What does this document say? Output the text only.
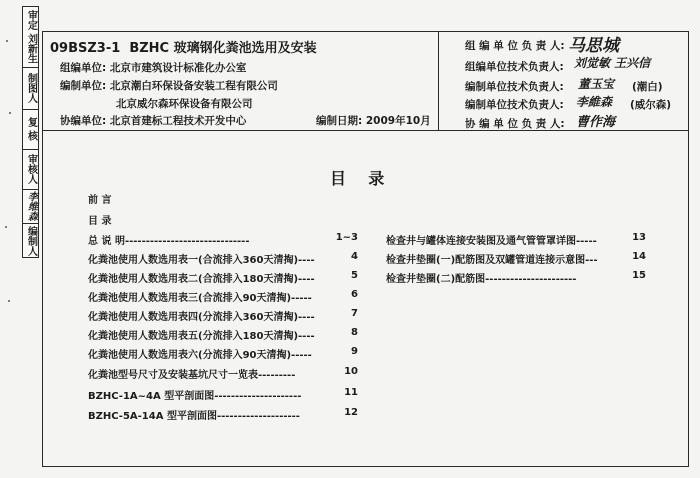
审定 刘新生
制图人
复 核
审核人
李维森
编制人
09BSZ3-1 BZHC 玻璃钢化粪池选用及安装
组编单位: 北京市建筑设计标准化办公室
编制单位: 北京潮白环保设备安装工程有限公司
北京威尔森环保设备有限公司
协编单位: 北京首建标工程技术开发中心	编制日期: 2009年10月
组 编 单 位 负 责 人: 马思城
组编单位技术负责人: 刘觉敏 王兴信
编制单位技术负责人: 董玉宝 (潮白)
编制单位技术负责人: 李維森 (威尔森)
协 编 单 位 负 责 人: 曹作海
目    录
前 言
目 录
总 说 明------------------------------	1~3
化粪池使用人数选用表一(合流排入360天清掏)----	4
化粪池使用人数选用表二(合流排入180天清掏)----	5
化粪池使用人数选用表三(合流排入90天清掏)-----	6
化粪池使用人数选用表四(分流排入360天清掏)----	7
化粪池使用人数选用表五(分流排入180天清掏)----	8
化粪池使用人数选用表六(分流排入90天清掏)-----	9
化粪池型号尺寸及安装基坑尺寸一览表---------	10
BZHC-1A~4A 型平剖面图---------------------	11
BZHC-5A-14A 型平剖面图--------------------	12
检查井与罐体连接安装图及通气管管罩详图-----	13
检查井垫圈(一)配筋图及双罐管道连接示意图---	14
检查井垫圈(二)配筋图----------------------	15
